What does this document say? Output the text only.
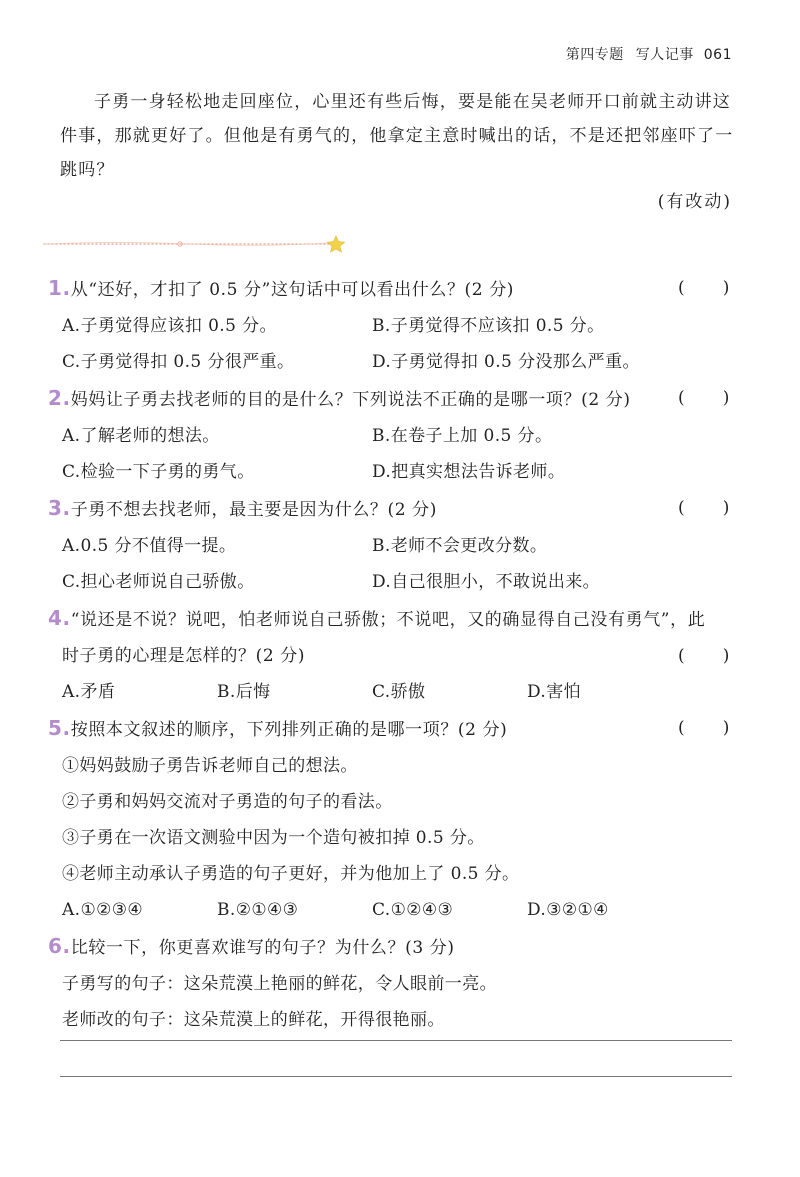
第四专题 写人记事 061

子勇一身轻松地走回座位，心里还有些后悔，要是能在吴老师开口前就主动讲这件事，那就更好了。但他是有勇气的，他拿定主意时喊出的话，不是还把邻座吓了一跳吗？

(有改动)
1.从“还好，才扣了 0.5 分”这句话中可以看出什么？(2 分)	( )
A.子勇觉得应该扣 0.5 分。	B.子勇觉得不应该扣 0.5 分。
C.子勇觉得扣 0.5 分很严重。	D.子勇觉得扣 0.5 分没那么严重。
2.妈妈让子勇去找老师的目的是什么？下列说法不正确的是哪一项？(2 分)	( )
A.了解老师的想法。	B.在卷子上加 0.5 分。
C.检验一下子勇的勇气。	D.把真实想法告诉老师。
3.子勇不想去找老师，最主要是因为什么？(2 分)	( )
A.0.5 分不值得一提。	B.老师不会更改分数。
C.担心老师说自己骄傲。	D.自己很胆小，不敢说出来。
4.“说还是不说？说吧，怕老师说自己骄傲；不说吧，又的确显得自己没有勇气”，此
时子勇的心理是怎样的？(2 分)	( )
A.矛盾	B.后悔	C.骄傲	D.害怕
5.按照本文叙述的顺序，下列排列正确的是哪一项？(2 分)	( )
①妈妈鼓励子勇告诉老师自己的想法。
②子勇和妈妈交流对子勇造的句子的看法。
③子勇在一次语文测验中因为一个造句被扣掉 0.5 分。
④老师主动承认子勇造的句子更好，并为他加上了 0.5 分。
A.①②③④	B.②①④③	C.①②④③	D.③②①④
6.比较一下，你更喜欢谁写的句子？为什么？(3 分)
子勇写的句子：这朵荒漠上艳丽的鲜花，令人眼前一亮。
老师改的句子：这朵荒漠上的鲜花，开得很艳丽。
